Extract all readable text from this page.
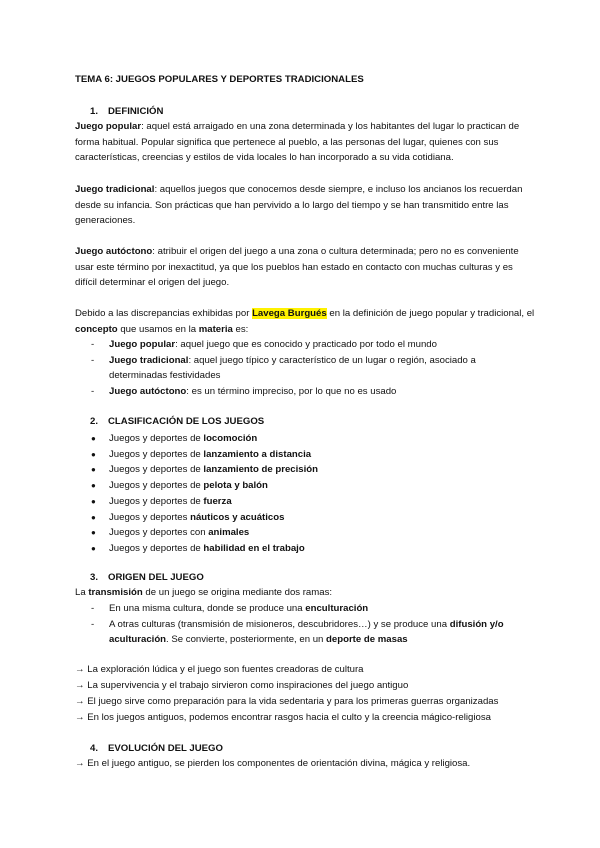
TEMA 6: JUEGOS POPULARES Y DEPORTES TRADICIONALES
1. DEFINICIÓN
Juego popular: aquel está arraigado en una zona determinada y los habitantes del lugar lo practican de forma habitual. Popular significa que pertenece al pueblo, a las personas del lugar, quienes con sus características, creencias y estilos de vida locales lo han incorporado a su vida cotidiana.
Juego tradicional: aquellos juegos que conocemos desde siempre, e incluso los ancianos los recuerdan desde su infancia. Son prácticas que han pervivido a lo largo del tiempo y se han transmitido entre las generaciones.
Juego autóctono: atribuir el origen del juego a una zona o cultura determinada; pero no es conveniente usar este término por inexactitud, ya que los pueblos han estado en contacto con muchas culturas y es difícil determinar el origen del juego.
Debido a las discrepancias exhibidas por Lavega Burgués en la definición de juego popular y tradicional, el concepto que usamos en la materia es:
- Juego popular: aquel juego que es conocido y practicado por todo el mundo
- Juego tradicional: aquel juego típico y característico de un lugar o región, asociado a determinadas festividades
- Juego autóctono: es un término impreciso, por lo que no es usado
2. CLASIFICACIÓN DE LOS JUEGOS
● Juegos y deportes de locomoción
● Juegos y deportes de lanzamiento a distancia
● Juegos y deportes de lanzamiento de precisión
● Juegos y deportes de pelota y balón
● Juegos y deportes de fuerza
● Juegos y deportes náuticos y acuáticos
● Juegos y deportes con animales
● Juegos y deportes de habilidad en el trabajo
3. ORIGEN DEL JUEGO
La transmisión de un juego se origina mediante dos ramas:
- En una misma cultura, donde se produce una enculturación
- A otras culturas (transmisión de misioneros, descubridores…) y se produce una difusión y/o aculturación. Se convierte, posteriormente, en un deporte de masas
→ La exploración lúdica y el juego son fuentes creadoras de cultura
→ La supervivencia y el trabajo sirvieron como inspiraciones del juego antiguo
→ El juego sirve como preparación para la vida sedentaria y para los primeras guerras organizadas
→ En los juegos antiguos, podemos encontrar rasgos hacia el culto y la creencia mágico-religiosa
4. EVOLUCIÓN DEL JUEGO
→ En el juego antiguo, se pierden los componentes de orientación divina, mágica y religiosa.
